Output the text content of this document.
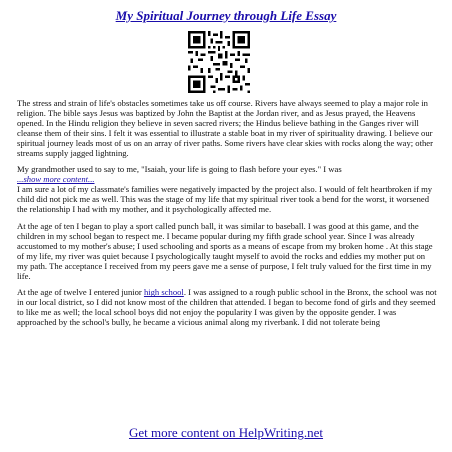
My Spiritual Journey through Life Essay

The stress and strain of life's obstacles sometimes take us off course. Rivers have always seemed to play a major role in religion. The bible says Jesus was baptized by John the Baptist at the Jordan river, and as Jesus prayed, the Heavens opened. In the Hindu religion they believe in seven sacred rivers; the Hindus believe bathing in the Ganges river will cleanse them of their sins. I felt it was essential to illustrate a stable boat in my river of spirituality drawing. I believe our spiritual journey leads most of us on an array of river paths. Some rivers have clear skies with rocks along the way; other streams supply jagged lightning.

My grandmother used to say to me, "Isaiah, your life is going to flash before your eyes." I was
...show more content...
I am sure a lot of my classmate's families were negatively impacted by the project also. I would of felt heartbroken if my child did not pick me as well. This was the stage of my life that my spiritual river took a bend for the worst, it worsened the relationship I had with my mother, and it psychologically affected me.

At the age of ten I began to play a sport called punch ball, it was similar to baseball. I was good at this game, and the children in my school began to respect me. I became popular during my fifth grade school year. Since I was already accustomed to my mother's abuse; I used schooling and sports as a means of escape from my broken home . At this stage of my life, my river was quiet because I psychologically taught myself to avoid the rocks and eddies my mother put on my path. The acceptance I received from my peers gave me a sense of purpose, I felt truly valued for the first time in my life.

At the age of twelve I entered junior high school. I was assigned to a rough public school in the Bronx, the school was not in our local district, so I did not know most of the children that attended. I began to become fond of girls and they seemed to like me as well; the local school boys did not enjoy the popularity I was given by the opposite gender. I was approached by the school's bully, he became a vicious animal along my riverbank. I did not tolerate being

Get more content on HelpWriting.net
